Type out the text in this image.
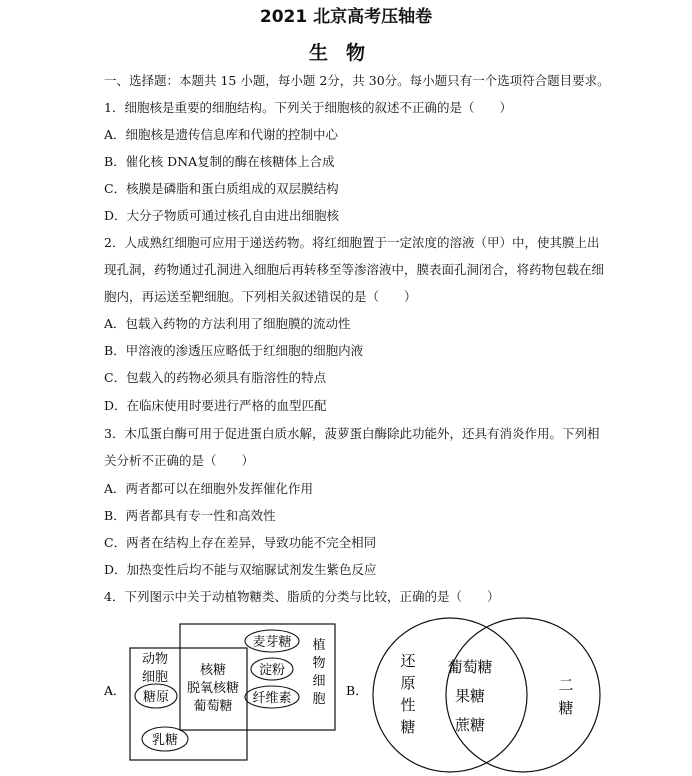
2021 北京高考压轴卷
生物
一、选择题：本题共 15 小题，每小题 2分，共 30分。每小题只有一个选项符合题目要求。
1．细胞核是重要的细胞结构。下列关于细胞核的叙述不正确的是（　　）
A．细胞核是遗传信息库和代谢的控制中心
B．催化核 DNA复制的酶在核糖体上合成
C．核膜是磷脂和蛋白质组成的双层膜结构
D．大分子物质可通过核孔自由进出细胞核
2．人成熟红细胞可应用于递送药物。将红细胞置于一定浓度的溶液（甲）中，使其膜上出
现孔洞，药物通过孔洞进入细胞后再转移至等渗溶液中，膜表面孔洞闭合，将药物包载在细
胞内，再运送至靶细胞。下列相关叙述错误的是（　　）
A．包载入药物的方法利用了细胞膜的流动性
B．甲溶液的渗透压应略低于红细胞的细胞内液
C．包载入的药物必须具有脂溶性的特点
D．在临床使用时要进行严格的血型匹配
3．木瓜蛋白酶可用于促进蛋白质水解，菠萝蛋白酶除此功能外，还具有消炎作用。下列相
关分析不正确的是（　　）
A．两者都可以在细胞外发挥催化作用
B．两者都具有专一性和高效性
C．两者在结构上存在差异，导致功能不完全相同
D．加热变性后均不能与双缩脲试剂发生紫色反应
4．下列图示中关于动植物糖类、脂质的分类与比较，正确的是（　　）
A．
动物
细胞
糖原
乳糖
核糖
脱氧核糖
葡萄糖
麦芽糖
淀粉
纤维素
植
物
细
胞
B．
还
原
性
糖
葡萄糖
果糖
蔗糖
二
糖
